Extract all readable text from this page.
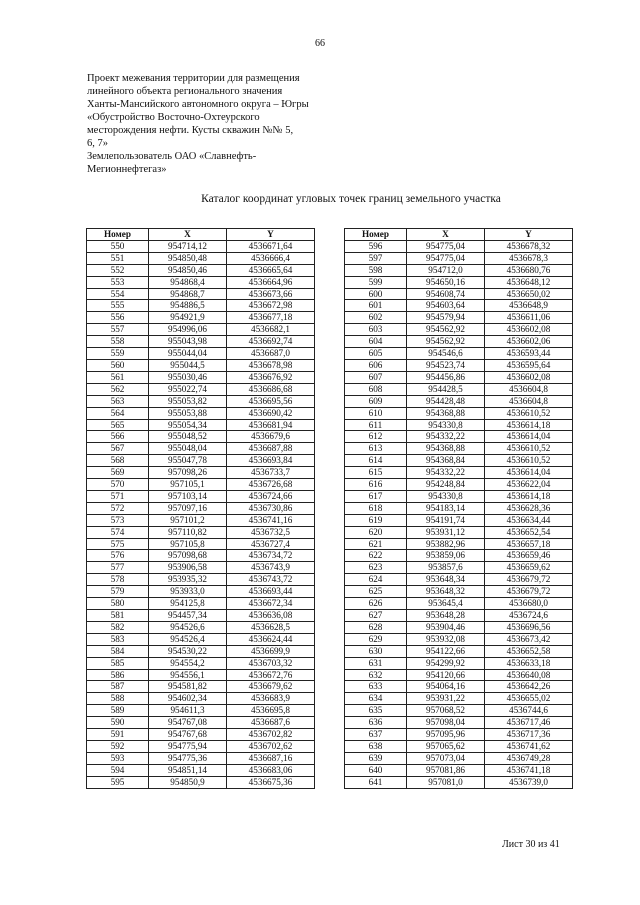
66
Проект межевания территории для размещения
линейного объекта регионального значения
Ханты-Мансийского автономного округа – Югры
«Обустройство Восточно-Охтеурского
месторождения нефти. Кусты скважин №№ 5,
6, 7»
Землепользователь ОАО «Славнефть-
Мегионнефтегаз»
Каталог координат угловых точек границ земельного участка
Номер	X	Y
550	954714,12	4536671,64
551	954850,48	4536666,4
552	954850,46	4536665,64
553	954868,4	4536664,96
554	954868,7	4536673,66
555	954886,5	4536672,98
556	954921,9	4536677,18
557	954996,06	4536682,1
558	955043,98	4536692,74
559	955044,04	4536687,0
560	955044,5	4536678,98
561	955030,46	4536676,92
562	955022,74	4536686,68
563	955053,82	4536695,56
564	955053,88	4536690,42
565	955054,34	4536681,94
566	955048,52	4536679,6
567	955048,04	4536687,88
568	955047,78	4536693,84
569	957098,26	4536733,7
570	957105,1	4536726,68
571	957103,14	4536724,66
572	957097,16	4536730,86
573	957101,2	4536741,16
574	957110,82	4536732,5
575	957105,8	4536727,4
576	957098,68	4536734,72
577	953906,58	4536743,9
578	953935,32	4536743,72
579	953933,0	4536693,44
580	954125,8	4536672,34
581	954457,34	4536636,08
582	954526,6	4536628,5
583	954526,4	4536624,44
584	954530,22	4536699,9
585	954554,2	4536703,32
586	954556,1	4536672,76
587	954581,82	4536679,62
588	954602,34	4536683,9
589	954611,3	4536695,8
590	954767,08	4536687,6
591	954767,68	4536702,82
592	954775,94	4536702,62
593	954775,36	4536687,16
594	954851,14	4536683,06
595	954850,9	4536675,36
Номер	X	Y
596	954775,04	4536678,32
597	954775,04	4536678,3
598	954712,0	4536680,76
599	954650,16	4536648,12
600	954608,74	4536650,02
601	954603,64	4536648,9
602	954579,94	4536611,06
603	954562,92	4536602,08
604	954562,92	4536602,06
605	954546,6	4536593,44
606	954523,74	4536595,64
607	954456,86	4536602,08
608	954428,5	4536604,8
609	954428,48	4536604,8
610	954368,88	4536610,52
611	954330,8	4536614,18
612	954332,22	4536614,04
613	954368,88	4536610,52
614	954368,84	4536610,52
615	954332,22	4536614,04
616	954248,84	4536622,04
617	954330,8	4536614,18
618	954183,14	4536628,36
619	954191,74	4536634,44
620	953931,12	4536652,54
621	953882,96	4536657,18
622	953859,06	4536659,46
623	953857,6	4536659,62
624	953648,34	4536679,72
625	953648,32	4536679,72
626	953645,4	4536680,0
627	953648,28	4536724,6
628	953904,46	4536696,56
629	953932,08	4536673,42
630	954122,66	4536652,58
631	954299,92	4536633,18
632	954120,66	4536640,08
633	954064,16	4536642,26
634	953931,22	4536655,02
635	957068,52	4536744,6
636	957098,04	4536717,46
637	957095,96	4536717,36
638	957065,62	4536741,62
639	957073,04	4536749,28
640	957081,86	4536741,18
641	957081,0	4536739,0
Лист 30 из 41
